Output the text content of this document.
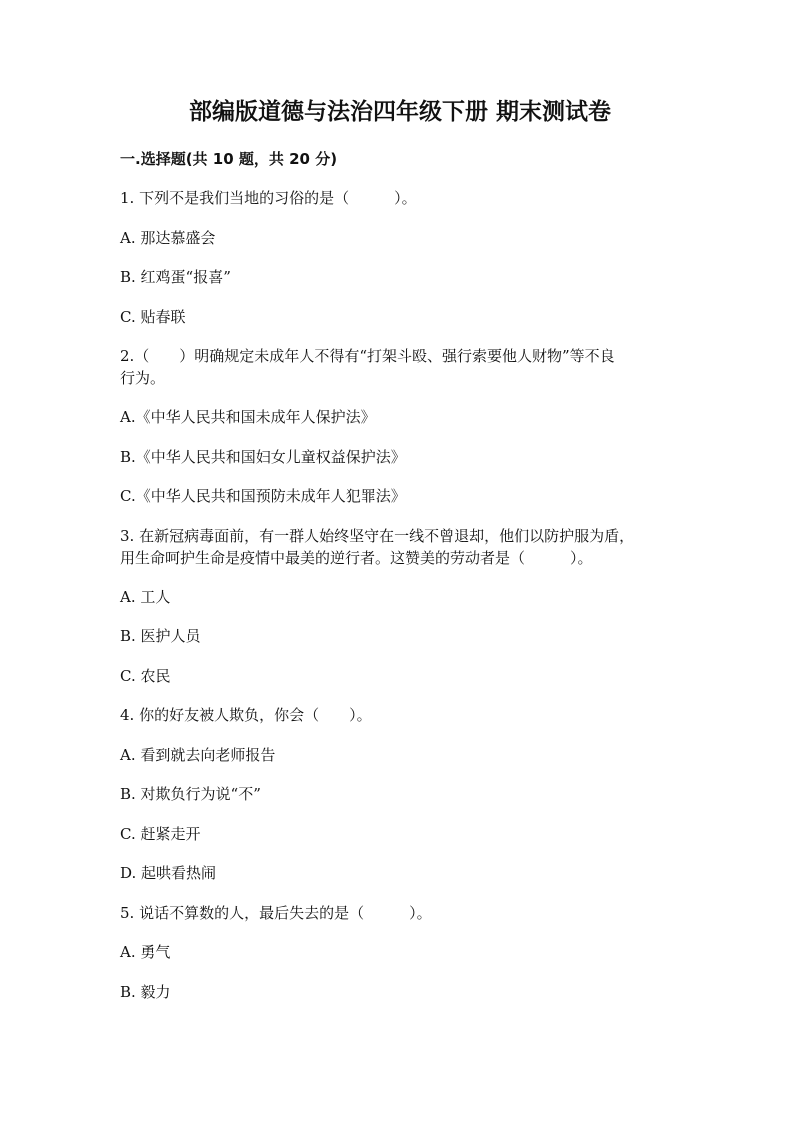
部编版道德与法治四年级下册 期末测试卷

一.选择题(共 10 题，共 20 分)

1. 下列不是我们当地的习俗的是（　　　）。

A. 那达慕盛会

B. 红鸡蛋“报喜”

C. 贴春联

2.（　　）明确规定未成年人不得有“打架斗殴、强行索要他人财物”等不良

行为。

A.《中华人民共和国未成年人保护法》

B.《中华人民共和国妇女儿童权益保护法》

C.《中华人民共和国预防未成年人犯罪法》

3. 在新冠病毒面前，有一群人始终坚守在一线不曾退却，他们以防护服为盾，

用生命呵护生命是疫情中最美的逆行者。这赞美的劳动者是（　　　）。

A. 工人

B. 医护人员

C. 农民

4. 你的好友被人欺负，你会（　　）。

A. 看到就去向老师报告

B. 对欺负行为说“不”

C. 赶紧走开

D. 起哄看热闹

5. 说话不算数的人，最后失去的是（　　　）。

A. 勇气

B. 毅力
